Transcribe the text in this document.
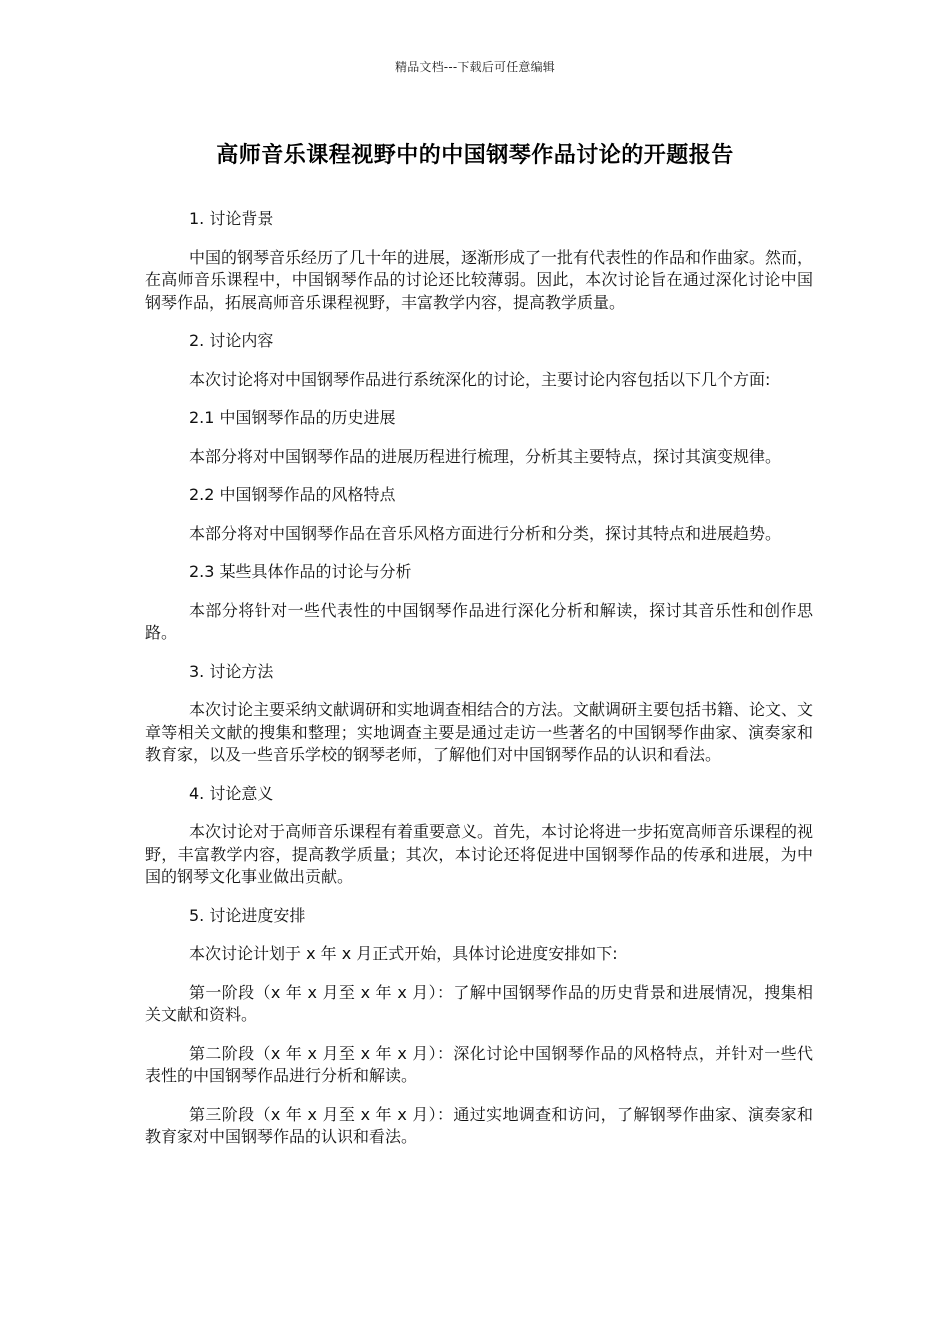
精品文档---下载后可任意编辑
高师音乐课程视野中的中国钢琴作品讨论的开题报告

1. 讨论背景

中国的钢琴音乐经历了几十年的进展，逐渐形成了一批有代表性的作品和作曲家。然而，在高师音乐课程中，中国钢琴作品的讨论还比较薄弱。因此，本次讨论旨在通过深化讨论中国钢琴作品，拓展高师音乐课程视野，丰富教学内容，提高教学质量。

2. 讨论内容

本次讨论将对中国钢琴作品进行系统深化的讨论，主要讨论内容包括以下几个方面:

2.1 中国钢琴作品的历史进展

本部分将对中国钢琴作品的进展历程进行梳理，分析其主要特点，探讨其演变规律。

2.2 中国钢琴作品的风格特点

本部分将对中国钢琴作品在音乐风格方面进行分析和分类，探讨其特点和进展趋势。

2.3 某些具体作品的讨论与分析

本部分将针对一些代表性的中国钢琴作品进行深化分析和解读，探讨其音乐性和创作思路。

3. 讨论方法

本次讨论主要采纳文献调研和实地调查相结合的方法。文献调研主要包括书籍、论文、文章等相关文献的搜集和整理；实地调查主要是通过走访一些著名的中国钢琴作曲家、演奏家和教育家，以及一些音乐学校的钢琴老师，了解他们对中国钢琴作品的认识和看法。

4. 讨论意义

本次讨论对于高师音乐课程有着重要意义。首先，本讨论将进一步拓宽高师音乐课程的视野，丰富教学内容，提高教学质量；其次，本讨论还将促进中国钢琴作品的传承和进展，为中国的钢琴文化事业做出贡献。

5. 讨论进度安排

本次讨论计划于 x 年 x 月正式开始，具体讨论进度安排如下:

第一阶段（x 年 x 月至 x 年 x 月）：了解中国钢琴作品的历史背景和进展情况，搜集相关文献和资料。

第二阶段（x 年 x 月至 x 年 x 月）：深化讨论中国钢琴作品的风格特点，并针对一些代表性的中国钢琴作品进行分析和解读。

第三阶段（x 年 x 月至 x 年 x 月）：通过实地调查和访问，了解钢琴作曲家、演奏家和教育家对中国钢琴作品的认识和看法。
